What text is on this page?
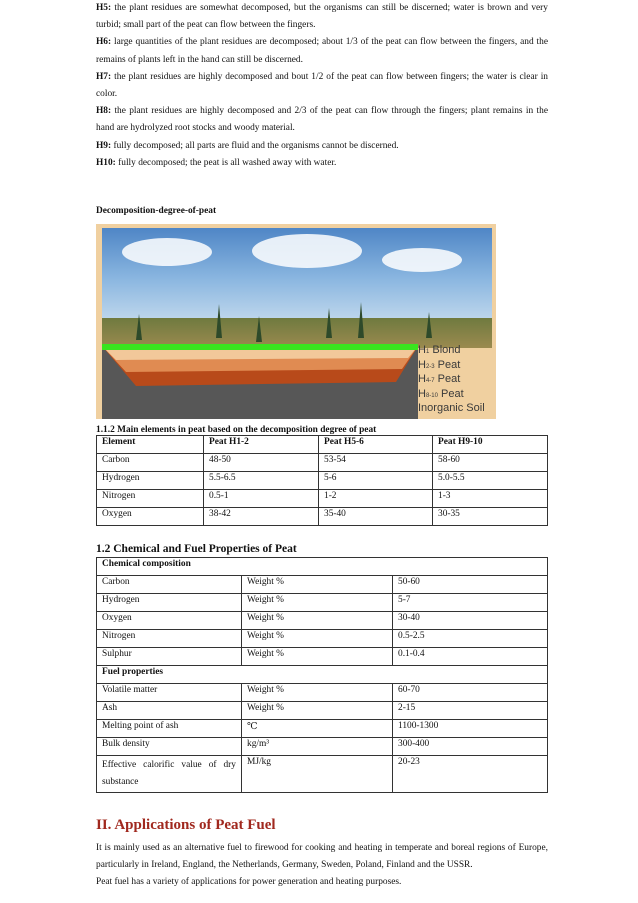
H5: the plant residues are somewhat decomposed, but the organisms can still be discerned; water is brown and very turbid; small part of the peat can flow between the fingers.

H6: large quantities of the plant residues are decomposed; about 1/3 of the peat can flow between the fingers, and the remains of plants left in the hand can still be discerned.

H7: the plant residues are highly decomposed and bout 1/2 of the peat can flow between fingers; the water is clear in color.

H8: the plant residues are highly decomposed and 2/3 of the peat can flow through the fingers; plant remains in the hand are hydrolyzed root stocks and woody material.

H9: fully decomposed; all parts are fluid and the organisms cannot be discerned.

H10: fully decomposed; the peat is all washed away with water.

Decomposition-degree-of-peat

H1 Blond
H2-3 Peat
H4-7 Peat
H8-10 Peat
Inorganic Soil

1.1.2 Main elements in peat based on the decomposition degree of peat

Element	Peat H1-2	Peat H5-6	Peat H9-10
Carbon	48-50	53-54	58-60
Hydrogen	5.5-6.5	5-6	5.0-5.5
Nitrogen	0.5-1	1-2	1-3
Oxygen	38-42	35-40	30-35

1.2 Chemical and Fuel Properties of Peat

Chemical composition		
Carbon	Weight %	50-60
Hydrogen	Weight %	5-7
Oxygen	Weight %	30-40
Nitrogen	Weight %	0.5-2.5
Sulphur	Weight %	0.1-0.4
Fuel properties		
Volatile matter	Weight %	60-70
Ash	Weight %	2-15
Melting point of ash	℃	1100-1300
Bulk density	kg/m³	300-400
Effective calorific value of dry substance	MJ/kg	20-23

II. Applications of Peat Fuel

It is mainly used as an alternative fuel to firewood for cooking and heating in temperate and boreal regions of Europe, particularly in Ireland, England, the Netherlands, Germany, Sweden, Poland, Finland and the USSR.

Peat fuel has a variety of applications for power generation and heating purposes.
